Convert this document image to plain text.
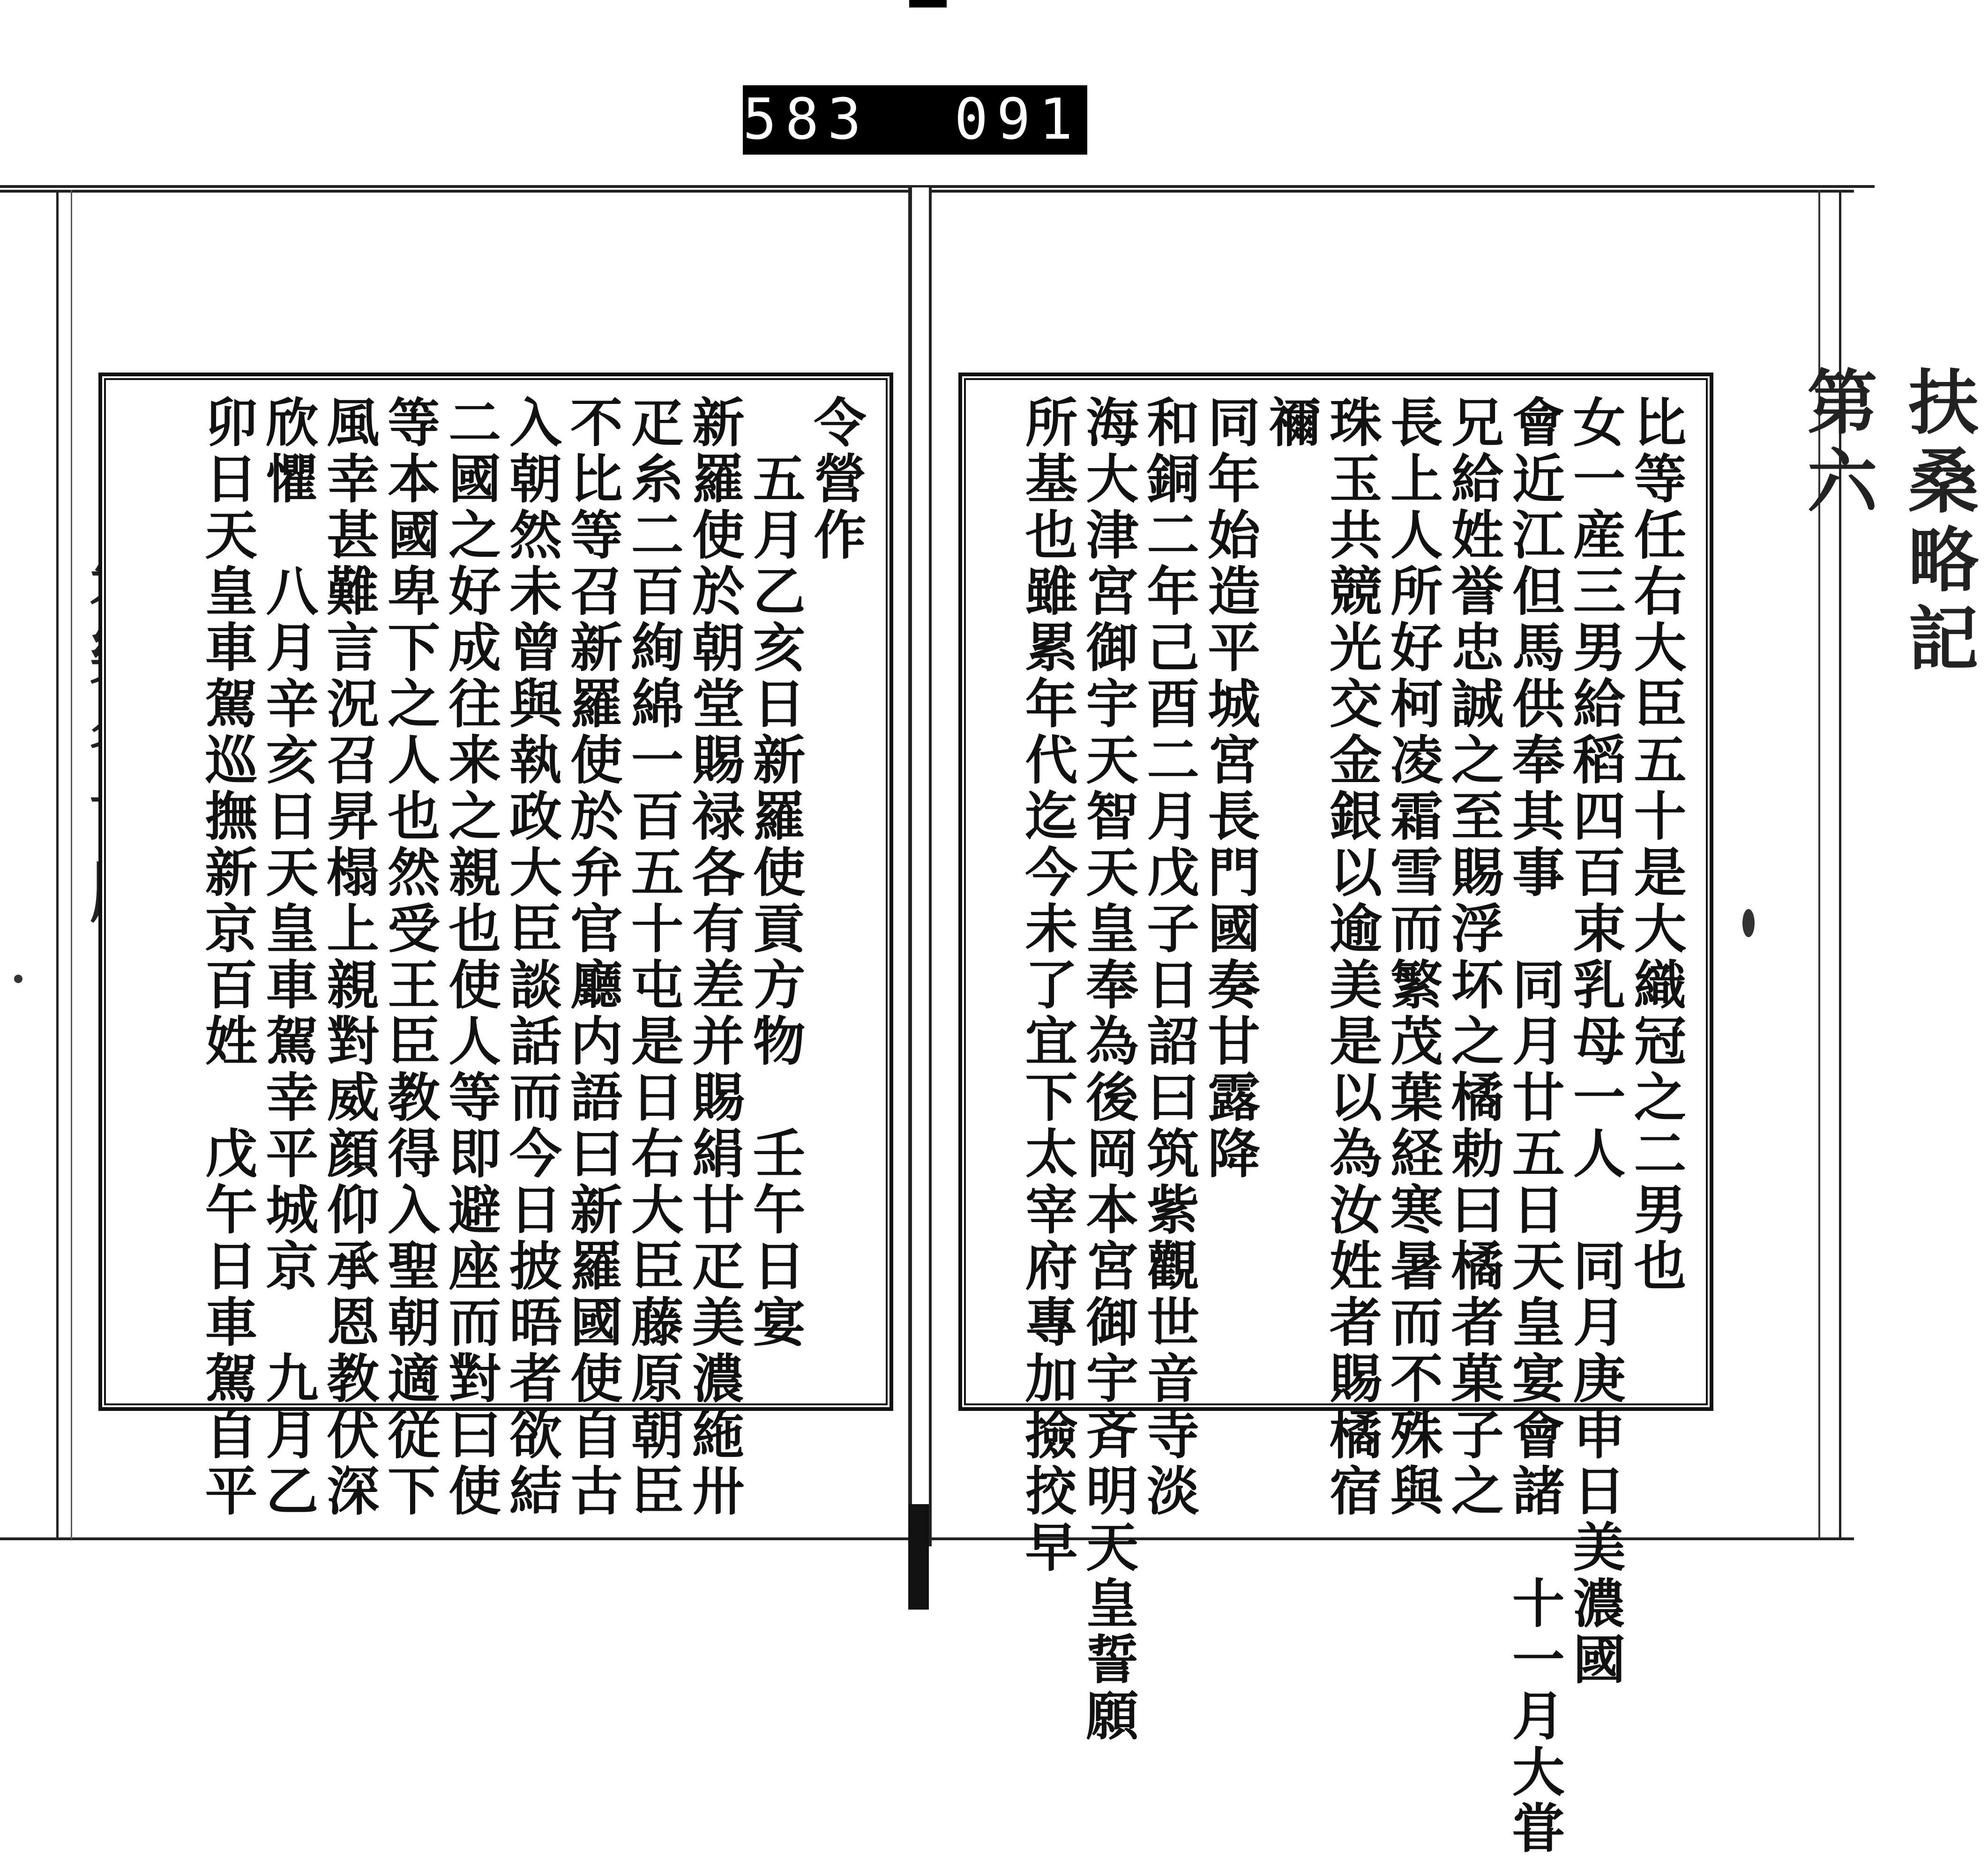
583  091.
扶桑略記第六
比等任右大臣五十是大織冠之二男也
女一産三男給稻四百束乳母一人　同月庚申日美濃國
會近江但馬供奉其事　同月廿五日天皇宴會諸　十一月大甞
兄給姓誉忠誠之至賜浮坏之橘勅曰橘者菓子之
長上人所好柯凌霜雪而繁茂葉経寒暑而不殊與
珠玉共競光交金銀以逾美是以為汝姓者賜橘宿
禰
同年始造平城宮長門國奏甘露降
和銅二年己酉二月戊子日詔曰筑紫觀世音寺淡
海大津宮御宇天智天皇奉為後岡本宮御宇斉明天皇誓願
所基也雖累年代迄今未了宜下太宰府專加撿挍早
令營作
　五月乙亥日新羅使貢方物　壬午日宴
新羅使於朝堂賜禄各有差并賜絹廿疋美濃絁卅
疋糸二百絢綿一百五十屯是日右大臣藤原朝臣
不比等召新羅使於弁官廳内語曰新羅國使自古
入朝然未曾與執政大臣談話而今日披晤者欲結
二國之好成往来之親也使人等即避座而對曰使
等本國卑下之人也然受王臣教得入聖朝適従下
風幸甚難言況召昇榻上親對威顔仰承恩教伏深
欣懼　八月辛亥日天皇車駕幸平城京　九月乙
卯日天皇車駕巡撫新京百姓　戊午日車駕自平
